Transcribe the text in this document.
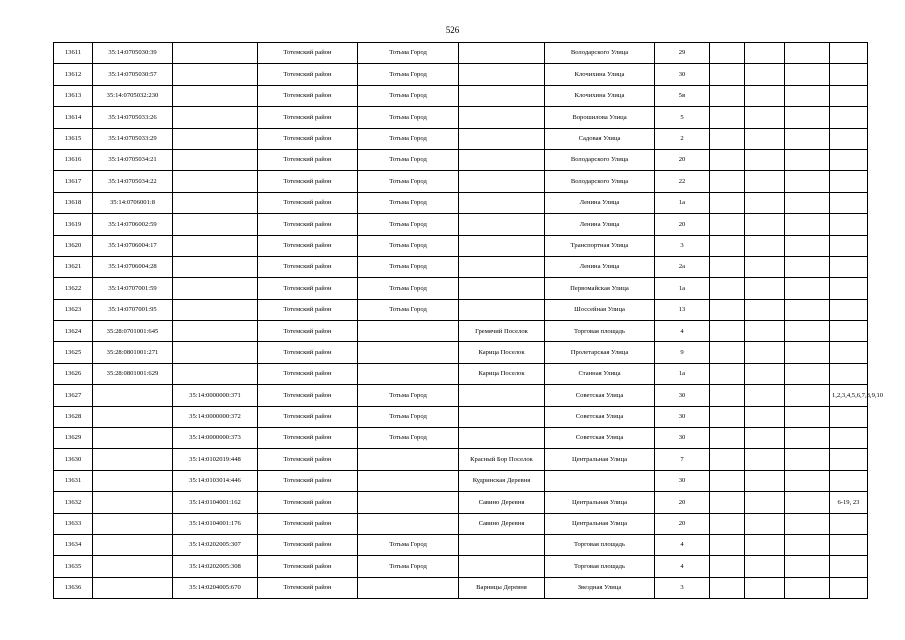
526
13611	35:14:0705030:39		Тотемский район	Тотьма Город		Володарского Улица	29				
13612	35:14:0705030:57		Тотемский район	Тотьма Город		Клочихина Улица	30				
13613	35:14:0705032:230		Тотемский район	Тотьма Город		Клочихина Улица	5в				
13614	35:14:0705033:26		Тотемский район	Тотьма Город		Ворошилова Улица	5				
13615	35:14:0705033:29		Тотемский район	Тотьма Город		Садовая Улица	2				
13616	35:14:0705034:21		Тотемский район	Тотьма Город		Володарского Улица	20				
13617	35:14:0705034:22		Тотемский район	Тотьма Город		Володарского Улица	22				
13618	35:14:0706001:8		Тотемский район	Тотьма Город		Ленина Улица	1а				
13619	35:14:0706002:59		Тотемский район	Тотьма Город		Ленина Улица	20				
13620	35:14:0706004:17		Тотемский район	Тотьма Город		Транспортная Улица	3				
13621	35:14:0706004:28		Тотемский район	Тотьма Город		Ленина Улица	2а				
13622	35:14:0707001:59		Тотемский район	Тотьма Город		Первомайская Улица	1а				
13623	35:14:0707001:95		Тотемский район	Тотьма Город		Шоссейная Улица	13				
13624	35:28:0701001:645		Тотемский район		Гремячий Поселок	Торговая площадь	4				
13625	35:28:0801001:271		Тотемский район		Карица Поселок	Пролетарская Улица	9				
13626	35:28:0801001:629		Тотемский район		Карица Поселок	Станная Улица	1а				
13627		35:14:0000000:371	Тотемский район	Тотьма Город		Советская Улица	30				1,2,3,4,5,6,7,8,9,10
13628		35:14:0000000:372	Тотемский район	Тотьма Город		Советская Улица	30				
13629		35:14:0000000:373	Тотемский район	Тотьма Город		Советская Улица	30				
13630		35:14:0102019:448	Тотемский район		Красный Бор Поселок	Центральная Улица	7				
13631		35:14:0103014:446	Тотемский район		Кудринская Деревня		30				
13632		35:14:0104001:162	Тотемский район		Савино Деревня	Центральная Улица	20				6-19, 23
13633		35:14:0104001:176	Тотемский район		Савино Деревня	Центральная Улица	20				
13634		35:14:0202005:307	Тотемский район	Тотьма Город		Торговая площадь	4				
13635		35:14:0202005:308	Тотемский район	Тотьма Город		Торговая площадь	4				
13636		35:14:0204005:670	Тотемский район		Варницы Деревня	Звездная Улица	3				
